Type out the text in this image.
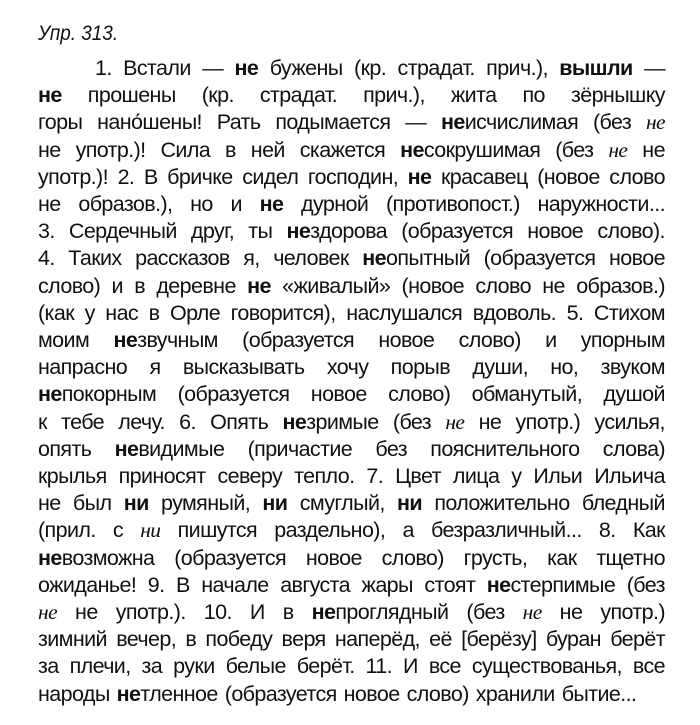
Упр. 313.
1. Встали — не бужены (кр. страдат. прич.), вышли —
не прошены (кр. страдат. прич.), жита по зёрнышку
горы нано́шены! Рать подымается — неисчислимая (без не
не употр.)! Сила в ней скажется несокрушимая (без не не
употр.)! 2. В бричке сидел господин, не красавец (новое слово
не образов.), но и не дурной (противопост.) наружности...
3. Сердечный друг, ты нездорова (образуется новое слово).
4. Таких рассказов я, человек неопытный (образуется новое
слово) и в деревне не «живалый» (новое слово не образов.)
(как у нас в Орле говорится), наслушался вдоволь. 5. Стихом
моим незвучным (образуется новое слово) и упорным
напрасно я высказывать хочу порыв души, но, звуком
непокорным (образуется новое слово) обманутый, душой
к тебе лечу. 6. Опять незримые (без не не употр.) усилья,
опять невидимые (причастие без пояснительного слова)
крылья приносят северу тепло. 7. Цвет лица у Ильи Ильича
не был ни румяный, ни смуглый, ни положительно бледный
(прил. с ни пишутся раздельно), а безразличный... 8. Как
невозможна (образуется новое слово) грусть, как тщетно
ожиданье! 9. В начале августа жары стоят нестерпимые (без
не не употр.). 10. И в непроглядный (без не не употр.)
зимний вечер, в победу веря наперёд, её [берёзу] буран берёт
за плечи, за руки белые берёт. 11. И все существованья, все
народы нетленное (образуется новое слово) хранили бытие...
